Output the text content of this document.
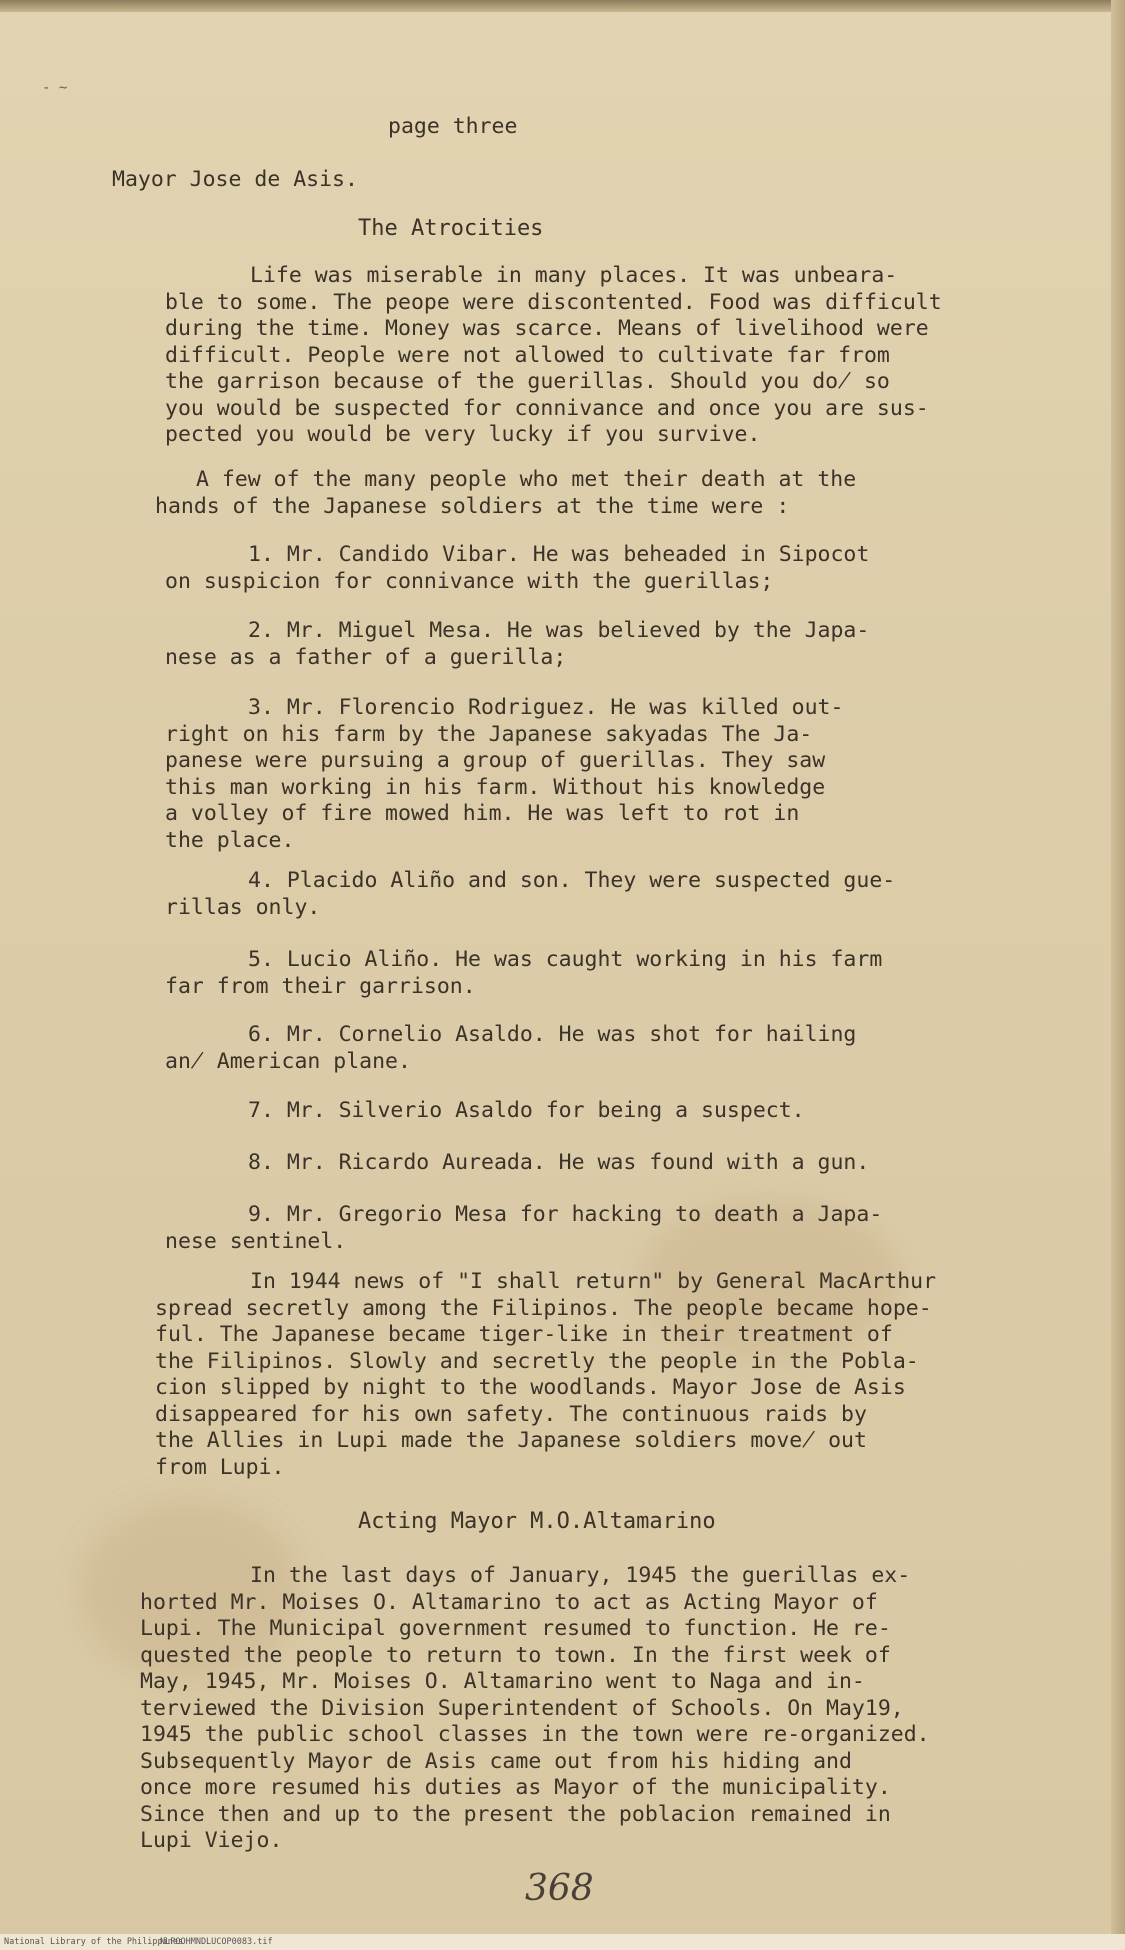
- ~
page three
Mayor Jose de Asis.
The Atrocities
Life was miserable in many places. It was unbeara-
ble to some. The peope were discontented. Food was difficult
during the time. Money was scarce. Means of livelihood were
difficult. People were not allowed to cultivate far from
the garrison because of the guerillas. Should you do̸ so
you would be suspected for connivance and once you are sus-
pected you would be very lucky if you survive.
A few of the many people who met their death at the
hands of the Japanese soldiers at the time were :
1. Mr. Candido Vibar. He was beheaded in Sipocot
on suspicion for connivance with the guerillas;
2. Mr. Miguel Mesa. He was believed by the Japa-
nese as a father of a guerilla;
3. Mr. Florencio Rodriguez. He was killed out-
right on his farm by the Japanese sakyadas The Ja-
panese were pursuing a group of guerillas. They saw
this man working in his farm. Without his knowledge
a volley of fire mowed him. He was left to rot in
the place.
4. Placido Aliño and son. They were suspected gue-
rillas only.
5. Lucio Aliño. He was caught working in his farm
far from their garrison.
6. Mr. Cornelio Asaldo. He was shot for hailing
an̸ American plane.
7. Mr. Silverio Asaldo for being a suspect.
8. Mr. Ricardo Aureada. He was found with a gun.
9. Mr. Gregorio Mesa for hacking to death a Japa-
nese sentinel.
In 1944 news of "I shall return" by General MacArthur
spread secretly among the Filipinos. The people became hope-
ful. The Japanese became tiger-like in their treatment of
the Filipinos. Slowly and secretly the people in the Pobla-
cion slipped by night to the woodlands. Mayor Jose de Asis
disappeared for his own safety. The continuous raids by
the Allies in Lupi made the Japanese soldiers move̸ out
from Lupi.
Acting Mayor M.O.Altamarino
In the last days of January, 1945 the guerillas ex-
horted Mr. Moises O. Altamarino to act as Acting Mayor of
Lupi. The Municipal government resumed to function. He re-
quested the people to return to town. In the first week of
May, 1945, Mr. Moises O. Altamarino went to Naga and in-
terviewed the Division Superintendent of Schools. On May19,
1945 the public school classes in the town were re-organized.
Subsequently Mayor de Asis came out from his hiding and
once more resumed his duties as Mayor of the municipality.
Since then and up to the present the poblacion remained in
Lupi Viejo.
368
National Library of the Philippines
NLPOOHMNDLUCOP0083.tif
